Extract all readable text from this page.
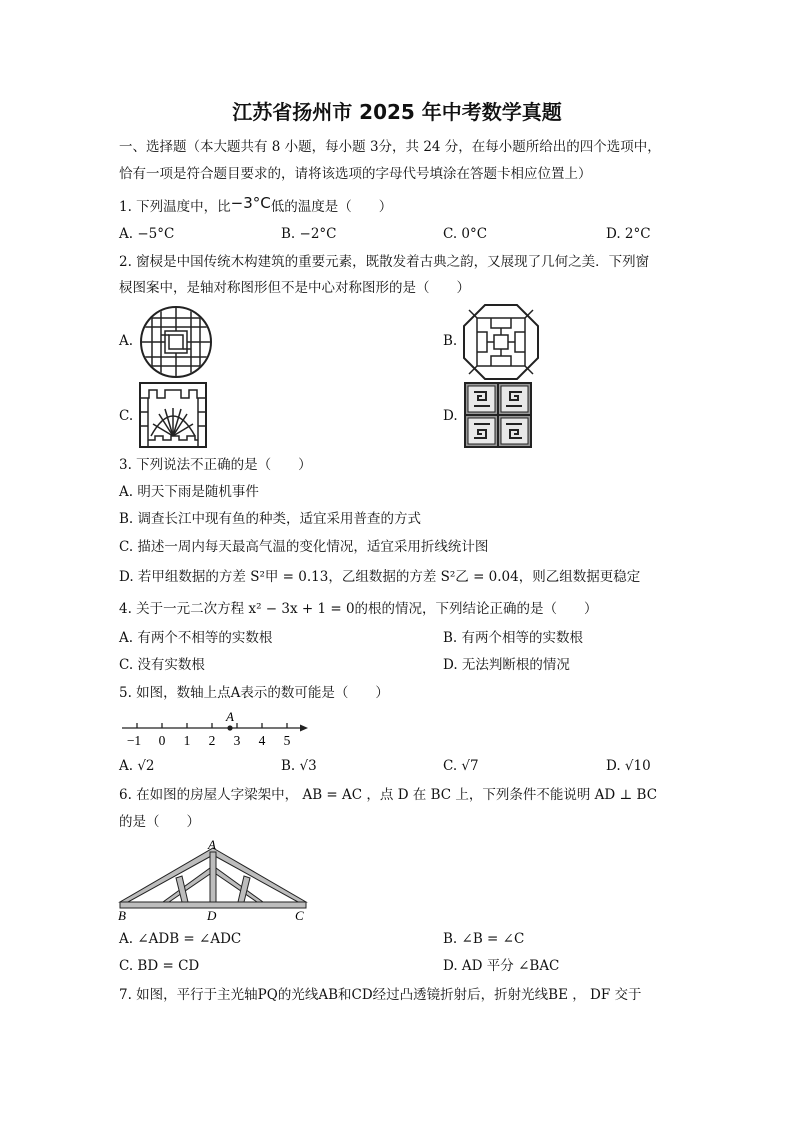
江苏省扬州市 2025 年中考数学真题
一、选择题（本大题共有 8 小题，每小题 3分，共 24 分，在每小题所给出的四个选项中，
恰有一项是符合题目要求的，请将该选项的字母代号填涂在答题卡相应位置上）
1. 下列温度中，比−3°C低的温度是（　　）
A. −5°C	B. −2°C	C. 0°C	D. 2°C
2. 窗棂是中国传统木构建筑的重要元素，既散发着古典之韵，又展现了几何之美．下列窗
棂图案中，是轴对称图形但不是中心对称图形的是（　　）
A.	B.
C.	D.
3. 下列说法不正确的是（　　）
A. 明天下雨是随机事件
B. 调查长江中现有鱼的种类，适宜采用普查的方式
C. 描述一周内每天最高气温的变化情况，适宜采用折线统计图
D. 若甲组数据的方差 S²甲 = 0.13，乙组数据的方差 S²乙 = 0.04，则乙组数据更稳定
4. 关于一元二次方程 x² − 3x + 1 = 0的根的情况，下列结论正确的是（　　）
A. 有两个不相等的实数根	B. 有两个相等的实数根
C. 没有实数根	D. 无法判断根的情况
5. 如图，数轴上点A表示的数可能是（　　）
A
−1 0 1 2 3 4 5
A. √2	B. √3	C. √7	D. √10
6. 在如图的房屋人字梁架中， AB = AC ，点 D 在 BC 上，下列条件不能说明 AD ⊥ BC
的是（　　）
A
B	D	C
A. ∠ADB = ∠ADC	B. ∠B = ∠C
C. BD = CD	D. AD 平分 ∠BAC
7. 如图，平行于主光轴PQ的光线AB和CD经过凸透镜折射后，折射光线BE ， DF 交于
